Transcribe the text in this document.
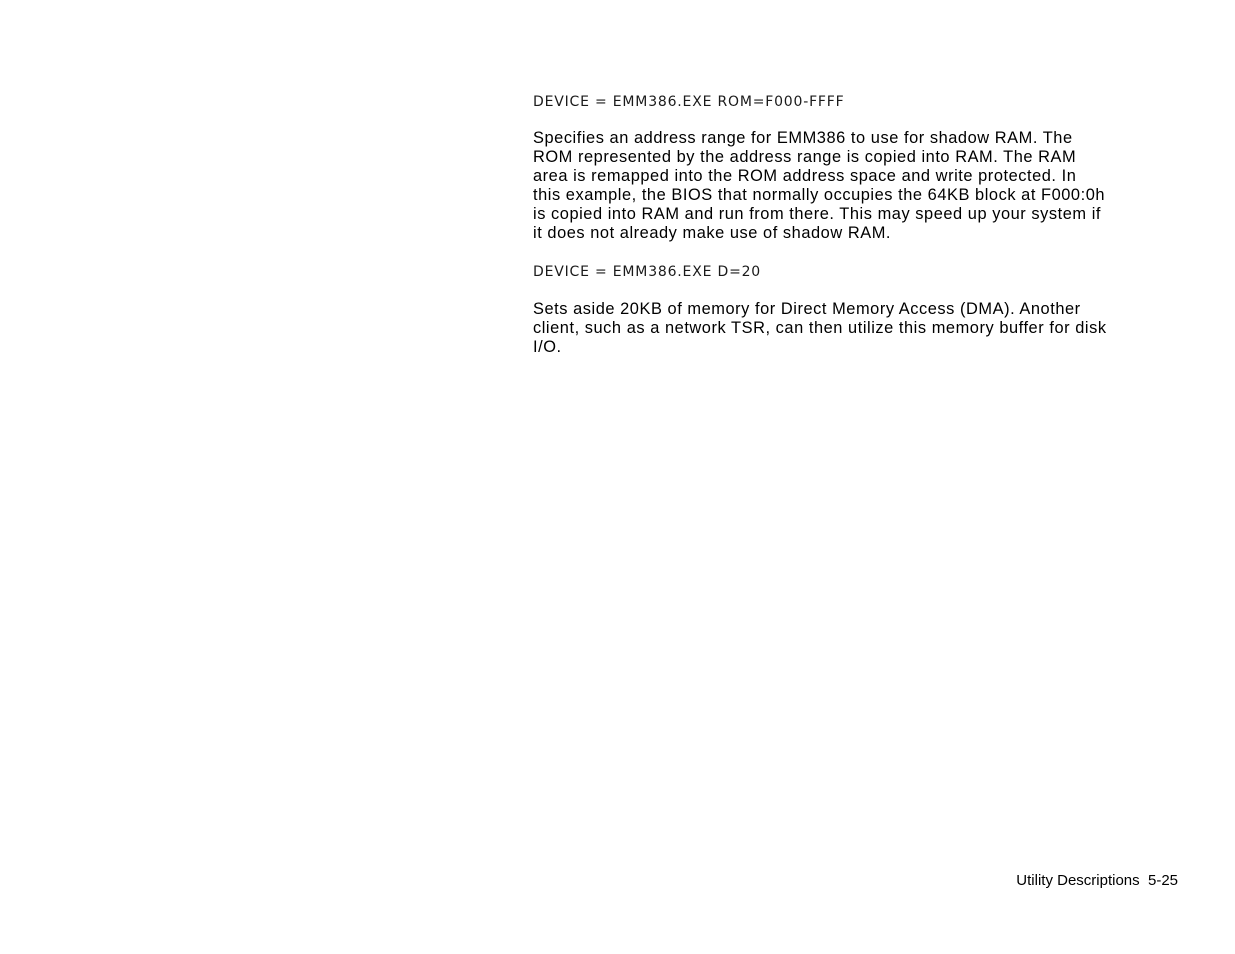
DEVICE = EMM386.EXE ROM=F000-FFFF

Specifies an address range for EMM386 to use for shadow RAM. The
ROM represented by the address range is copied into RAM. The RAM
area is remapped into the ROM address space and write protected. In
this example, the BIOS that normally occupies the 64KB block at F000:0h
is copied into RAM and run from there. This may speed up your system if
it does not already make use of shadow RAM.

DEVICE = EMM386.EXE D=20

Sets aside 20KB of memory for Direct Memory Access (DMA). Another
client, such as a network TSR, can then utilize this memory buffer for disk
I/O.

Utility Descriptions  5-25
